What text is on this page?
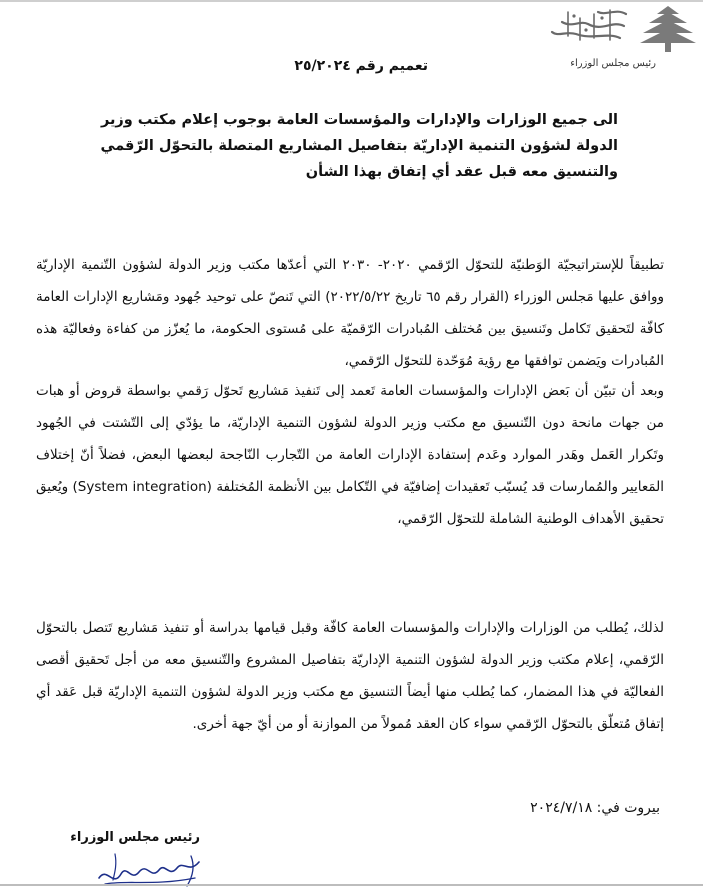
رئيس مجلس الوزراء
تعميم رقم ٢٥/٢٠٢٤
الى جميع الوزارات والإدارات والمؤسسات العامة بوجوب إعلام مكتب وزير الدولة لشؤون التنمية الإداريّة بتفاصيل المشاريع المتصلة بالتحوّل الرّقمي والتنسيق معه قبل عقد أي إتفاق بهذا الشأن
تطبيقاً للإستراتيجيّة الوَطنيّة للتحوّل الرّقمي ٢٠٢٠- ٢٠٣٠ التي أعدّها مكتب وزير الدولة لشؤون التّنمية الإداريّة ووافق عليها مَجلس الوزراء (القرار رقم ٦٥ تاريخ ٢٠٢٢/٥/٢٢) التي تَنصّ على توحيد جُهود ومَشاريع الإدارات العامة كافّة لتَحقيق تَكامل وتَنسيق بين مُختلف المُبادرات الرّقميّة على مُستوى الحكومة، ما يُعزّز من كفاءة وفعاليّة هذه المُبادرات ويَضمن توافقها مع رؤية مُوَحّدة للتحوّل الرّقمي،
وبعد أن تبيّن أن بَعض الإدارات والمؤسسات العامة تَعمد إلى تَنفيذ مَشاريع تَحوّل رَقمي بواسطة قروض أو هبات من جهات مانحة دون التّنسيق مع مكتب وزير الدولة لشؤون التنمية الإداريّة، ما يؤدّي إلى التّشتت في الجُهود وتَكرار العَمل وهَدر الموارد وعَدم إستفادة الإدارات العامة من التّجارب النّاجحة لبعضها البعض، فضلاً أنّ إختلاف المَعايير والمُمارسات قد يُسبّب تَعقيدات إضافيّة في التّكامل بين الأنظمة المُختلفة (System integration) ويُعيق تحقيق الأهداف الوطنية الشاملة للتحوّل الرّقمي،
لذلك، يُطلب من الوزارات والإدارات والمؤسسات العامة كافّة وقبل قيامها بدراسة أو تنفيذ مَشاريع تَتصل بالتحوّل الرّقمي، إعلام مكتب وزير الدولة لشؤون التنمية الإداريّة بتفاصيل المشروع والتّنسيق معه من أجل تَحقيق أقصى الفعاليّة في هذا المضمار، كما يُطلب منها أيضاً التنسيق مع مكتب وزير الدولة لشؤون التنمية الإداريّة قبل عَقد أي إتفاق مُتعلّق بالتحوّل الرّقمي سواء كان العقد مُمولاً من الموازنة أو من أيّ جهة أخرى.
بيروت في: ٢٠٢٤/٧/١٨
رئيس مجلس الوزراء
